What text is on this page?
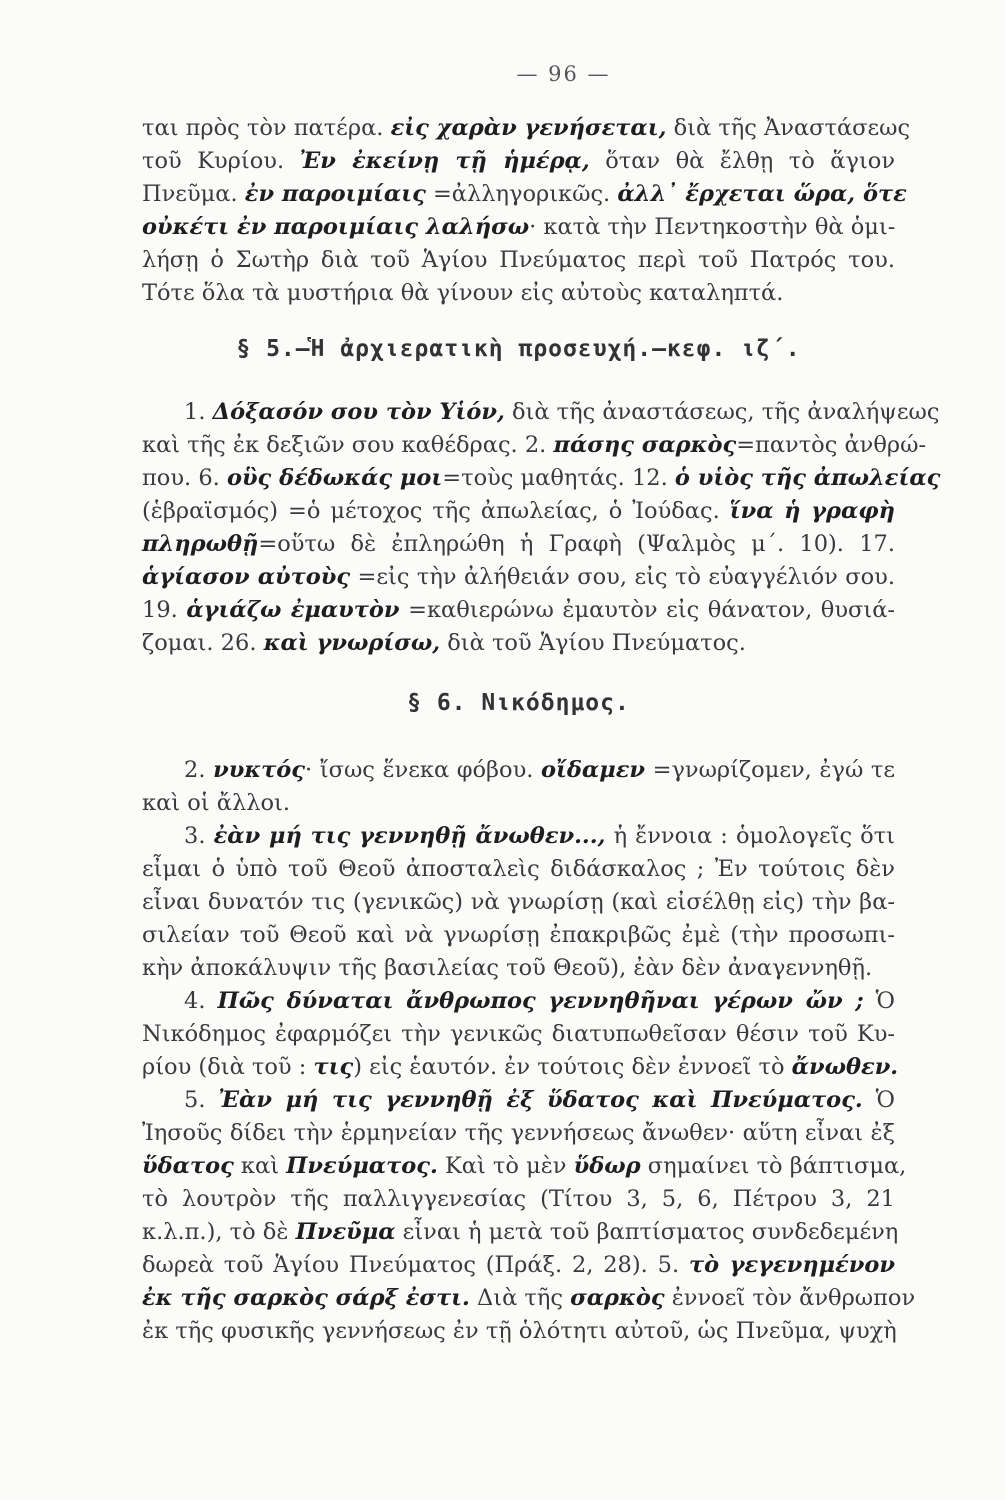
— 96 —
ται πρὸς τὸν πατέρα. εἰς χαρὰν γενήσεται, διὰ τῆς Ἀναστάσεως
τοῦ Κυρίου. Ἐν ἐκείνῃ τῇ ἡμέρᾳ, ὅταν θὰ ἔλθῃ τὸ ἅγιον
Πνεῦμα. ἐν παροιμίαις =ἀλληγορικῶς. ἀλλ᾽ ἔρχεται ὥρα, ὅτε
οὐκέτι ἐν παροιμίαις λαλήσω· κατὰ τὴν Πεντηκοστὴν θὰ ὁμι-
λήσῃ ὁ Σωτὴρ διὰ τοῦ Ἁγίου Πνεύματος περὶ τοῦ Πατρός του.
Τότε ὅλα τὰ μυστήρια θὰ γίνουν εἰς αὐτοὺς καταληπτά.
§ 5.—Ἡ ἀρχιερατικὴ προσευχή.—κεφ. ιζ΄.
1. Δόξασόν σου τὸν Υἱόν, διὰ τῆς ἀναστάσεως, τῆς ἀναλήψεως
καὶ τῆς ἐκ δεξιῶν σου καθέδρας. 2. πάσης σαρκὸς=παντὸς ἀνθρώ-
που. 6. οὓς δέδωκάς μοι=τοὺς μαθητάς. 12. ὁ υἱὸς τῆς ἀπωλείας
(ἑβραϊσμός) =ὁ μέτοχος τῆς ἀπωλείας, ὁ Ἰούδας. ἵνα ἡ γραφὴ
πληρωθῇ=οὕτω δὲ ἐπληρώθη ἡ Γραφὴ (Ψαλμὸς μ΄. 10). 17.
ἁγίασον αὐτοὺς =εἰς τὴν ἀλήθειάν σου, εἰς τὸ εὐαγγέλιόν σου.
19. ἁγιάζω ἐμαυτὸν =καθιερώνω ἐμαυτὸν εἰς θάνατον, θυσιά-
ζομαι. 26. καὶ γνωρίσω, διὰ τοῦ Ἁγίου Πνεύματος.
§ 6. Νικόδημος.
2. νυκτός· ἴσως ἕνεκα φόβου. οἴδαμεν =γνωρίζομεν, ἐγώ τε
καὶ οἱ ἄλλοι.
3. ἐὰν μή τις γεννηθῇ ἄνωθεν..., ἡ ἔννοια : ὁμολογεῖς ὅτι
εἶμαι ὁ ὑπὸ τοῦ Θεοῦ ἀποσταλεὶς διδάσκαλος ; Ἐν τούτοις δὲν
εἶναι δυνατόν τις (γενικῶς) νὰ γνωρίσῃ (καὶ εἰσέλθῃ εἰς) τὴν βα-
σιλείαν τοῦ Θεοῦ καὶ νὰ γνωρίσῃ ἐπακριβῶς ἐμὲ (τὴν προσωπι-
κὴν ἀποκάλυψιν τῆς βασιλείας τοῦ Θεοῦ), ἐὰν δὲν ἀναγεννηθῇ.
4. Πῶς δύναται ἄνθρωπος γεννηθῆναι γέρων ὤν ; Ὁ
Νικόδημος ἐφαρμόζει τὴν γενικῶς διατυπωθεῖσαν θέσιν τοῦ Κυ-
ρίου (διὰ τοῦ : τις) εἰς ἑαυτόν. ἐν τούτοις δὲν ἐννοεῖ τὸ ἄνωθεν.
5. Ἐὰν μή τις γεννηθῇ ἐξ ὕδατος καὶ Πνεύματος. Ὁ
Ἰησοῦς δίδει τὴν ἑρμηνείαν τῆς γεννήσεως ἄνωθεν· αὕτη εἶναι ἐξ
ὕδατος καὶ Πνεύματος. Καὶ τὸ μὲν ὕδωρ σημαίνει τὸ βάπτισμα,
τὸ λουτρὸν τῆς παλλιγγενεσίας (Τίτου 3, 5, 6, Πέτρου 3, 21
κ.λ.π.), τὸ δὲ Πνεῦμα εἶναι ἡ μετὰ τοῦ βαπτίσματος συνδεδεμένη
δωρεὰ τοῦ Ἁγίου Πνεύματος (Πράξ. 2, 28). 5. τὸ γεγενημένον
ἐκ τῆς σαρκὸς σάρξ ἐστι. Διὰ τῆς σαρκὸς ἐννοεῖ τὸν ἄνθρωπον
ἐκ τῆς φυσικῆς γεννήσεως ἐν τῇ ὁλότητι αὐτοῦ, ὡς Πνεῦμα, ψυχὴ
